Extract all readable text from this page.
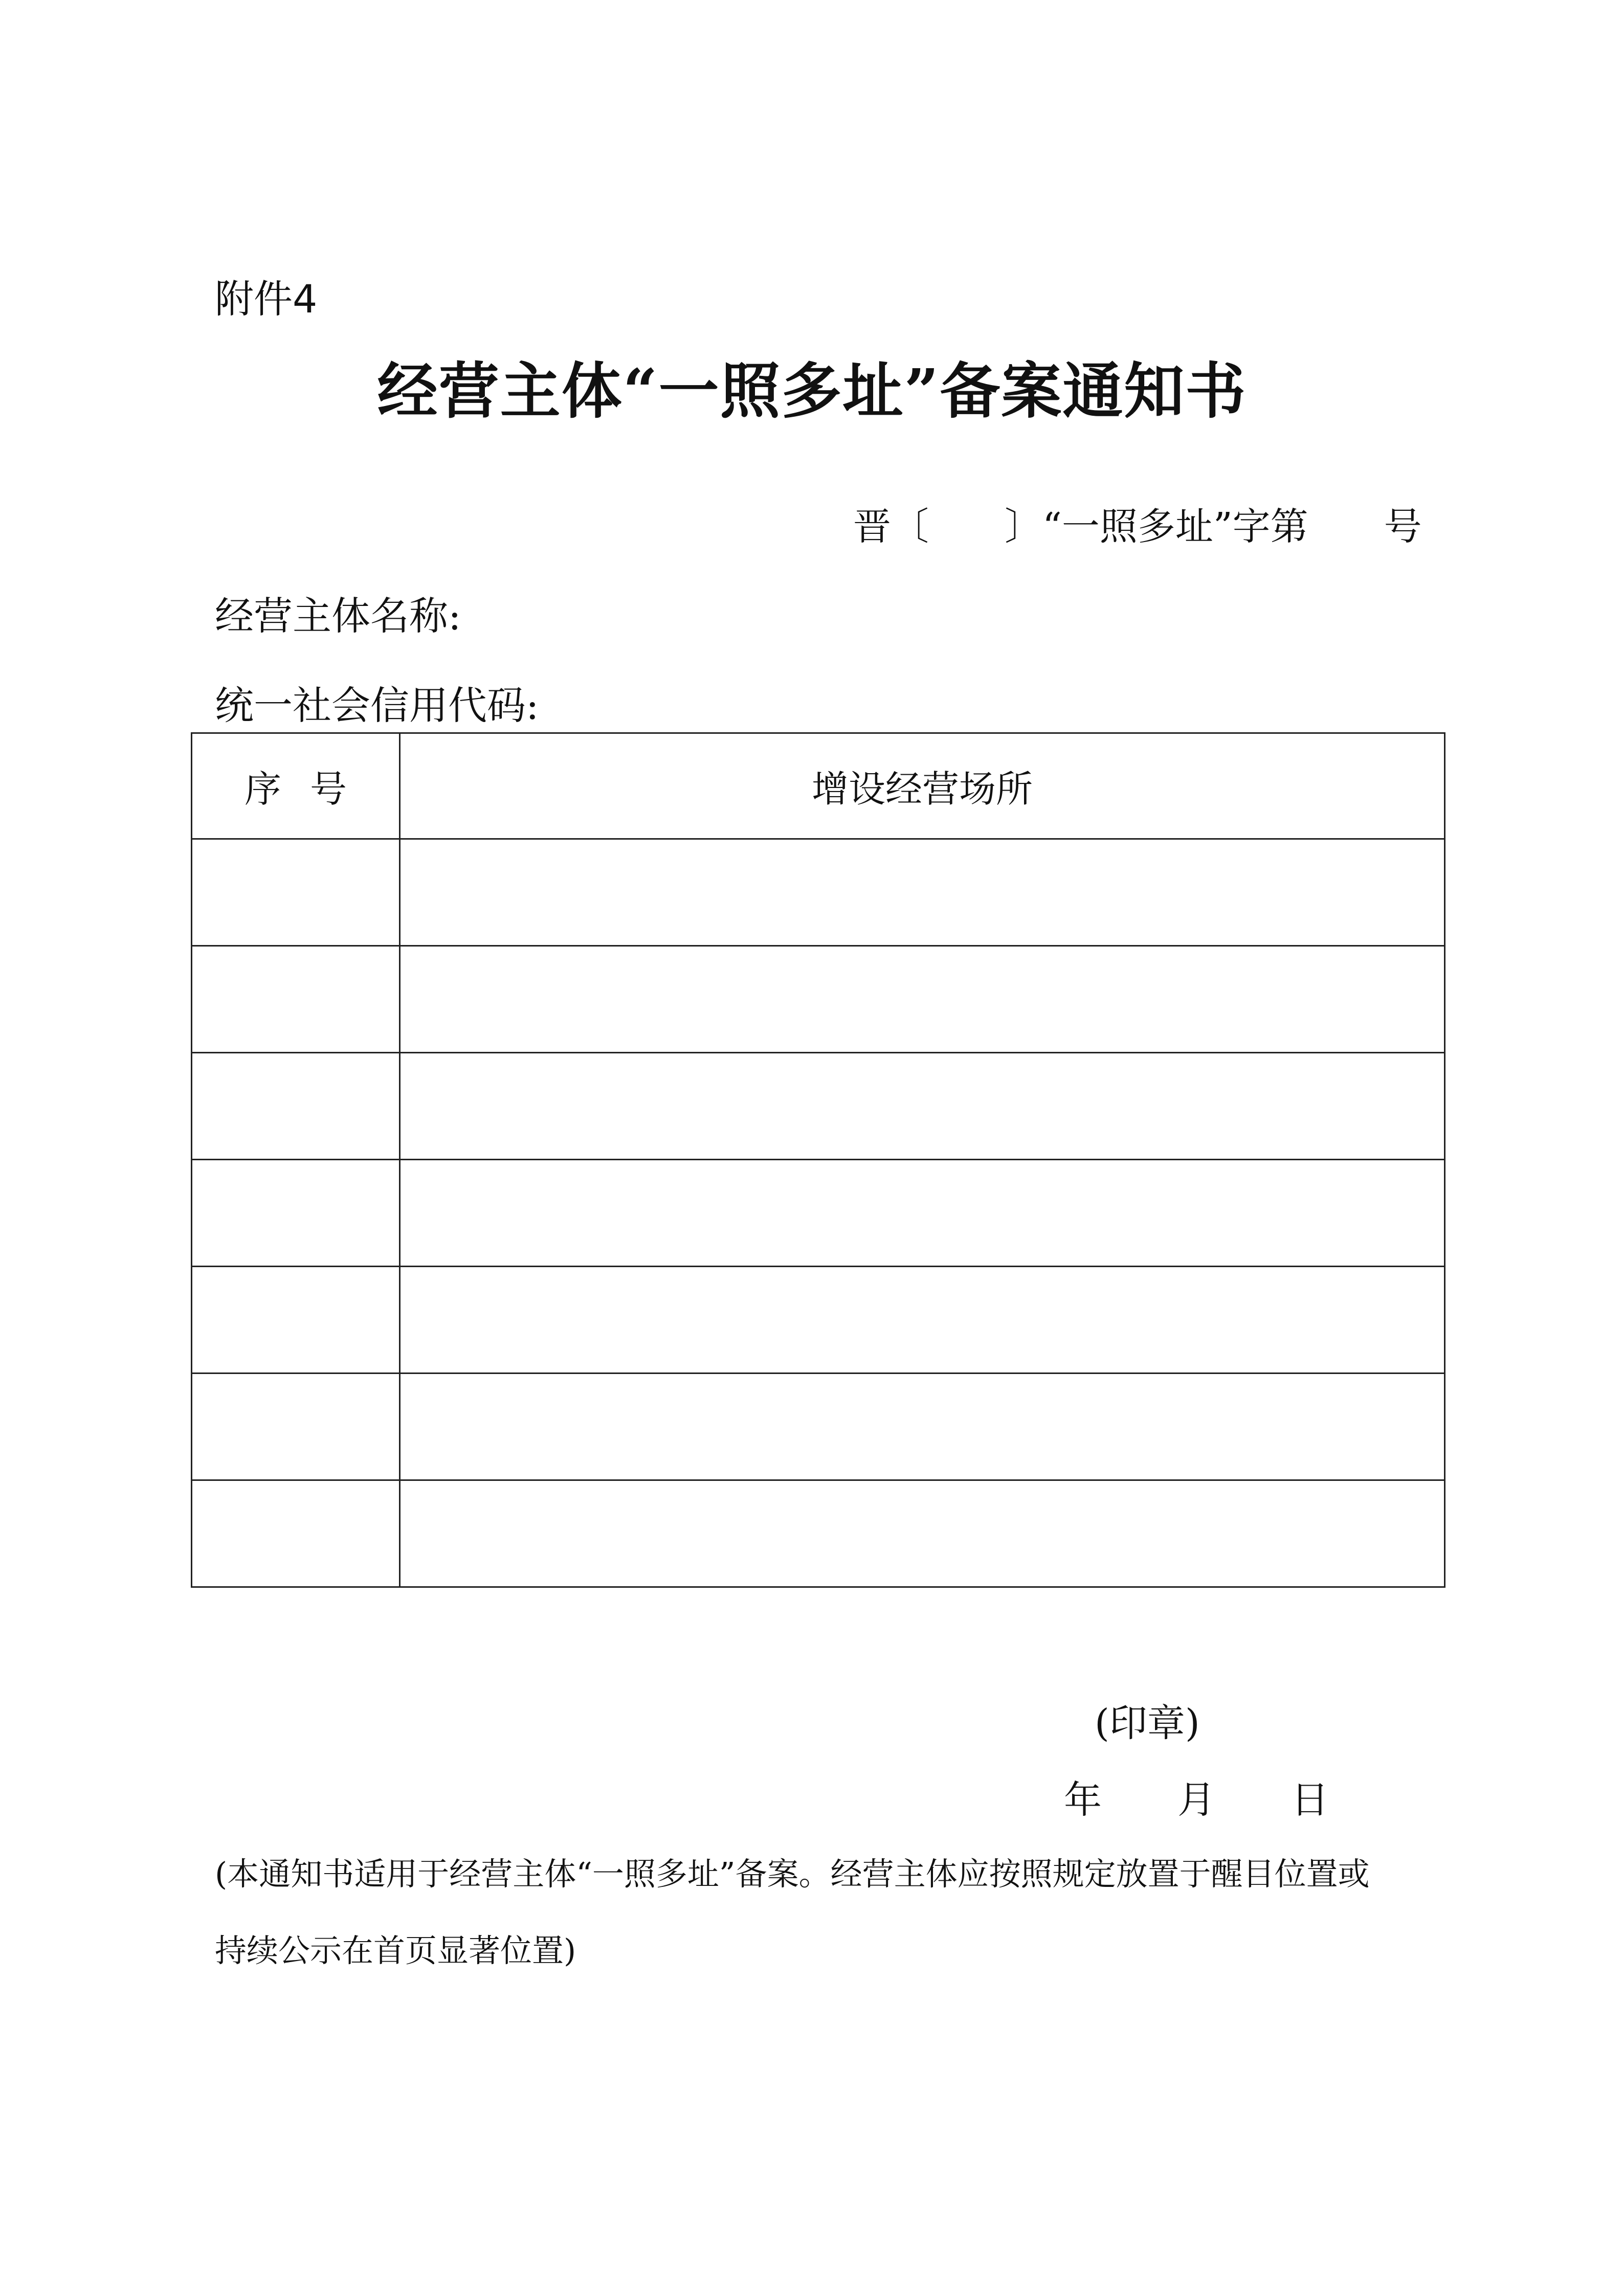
附件4
经营主体“一照多址”备案通知书
晋〔　　〕“一照多址”字第　　号
经营主体名称:
统一社会信用代码:
序号	增设经营场所

(印章)
年　　月　　日
(本通知书适用于经营主体“一照多址”备案。经营主体应按照规定放置于醒目位置或
持续公示在首页显著位置)
